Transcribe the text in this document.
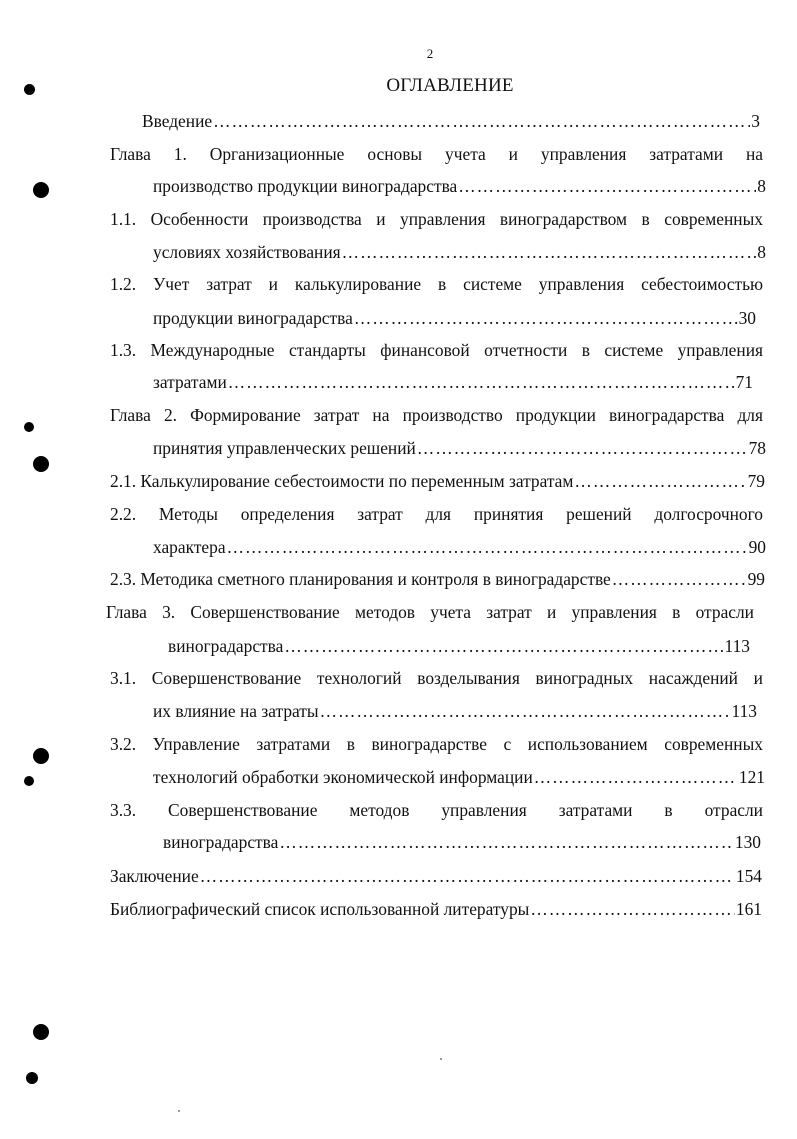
2
ОГЛАВЛЕНИЕ
Введение ……………………………………………………………………………………………………………………………………………………………………………	3
Глава 1. Организационные основы учета и управления затратами на
производство продукции виноградарства ……………………………………………………………………………………………………………………………………………………………………………	8
1.1. Особенности производства и управления виноградарством в современных
условиях хозяйствования ……………………………………………………………………………………………………………………………………………………………………………	8
1.2. Учет затрат и калькулирование в системе управления себестоимостью
продукции виноградарства ……………………………………………………………………………………………………………………………………………………………………………	30
1.3. Международные стандарты финансовой отчетности в системе управления
затратами ……………………………………………………………………………………………………………………………………………………………………………	71
Глава 2. Формирование затрат на производство продукции виноградарства для
принятия управленческих решений ……………………………………………………………………………………………………………………………………………………………………………	78
2.1. Калькулирование себестоимости по переменным затратам ……………………………………………………………………………………………………………………………………………………………………………	79
2.2. Методы определения затрат для принятия решений долгосрочного
характера ……………………………………………………………………………………………………………………………………………………………………………	90
2.3. Методика сметного планирования и контроля в виноградарстве ……………………………………………………………………………………………………………………………………………………………………………	99
Глава 3. Совершенствование методов учета затрат и управления в отрасли
виноградарства ……………………………………………………………………………………………………………………………………………………………………………	113
3.1. Совершенствование технологий возделывания виноградных насаждений и
их влияние на затраты ……………………………………………………………………………………………………………………………………………………………………………	113
3.2. Управление затратами в виноградарстве с использованием современных
технологий обработки экономической информации ……………………………………………………………………………………………………………………………………………………………………………	121
3.3. Совершенствование методов управления затратами в отрасли
виноградарства ……………………………………………………………………………………………………………………………………………………………………………	130
Заключение ……………………………………………………………………………………………………………………………………………………………………………	154
Библиографический список использованной литературы ……………………………………………………………………………………………………………………………………………………………………………	161
